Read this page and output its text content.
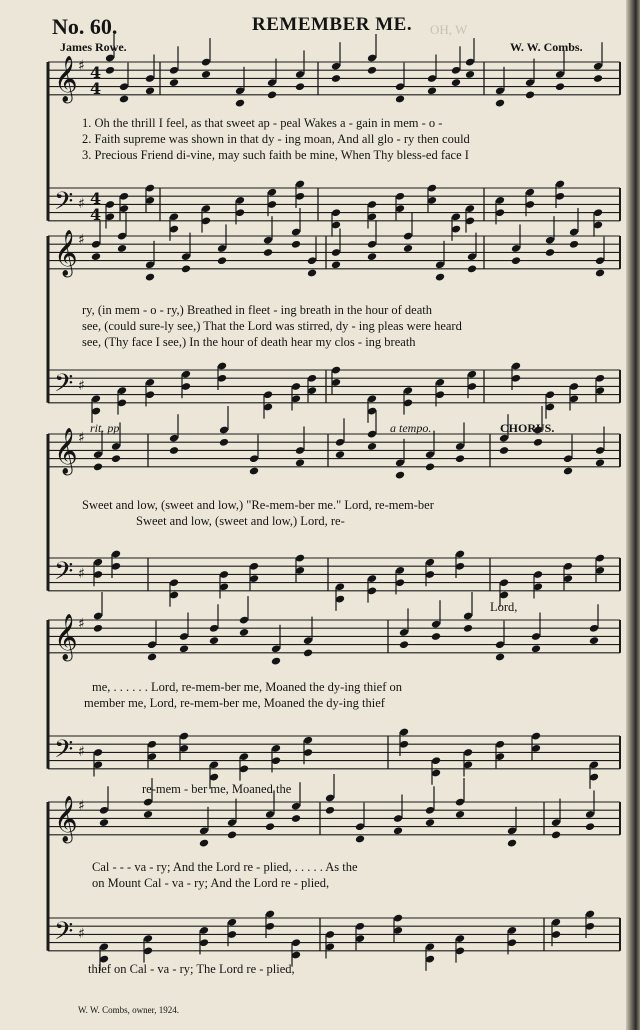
No. 60.	REMEMBER ME. OH, W
James Rowe.	W. W. Combs.
𝄞 ♯ 4
4
𝄢 ♯ 4
4
𝄞 ♯
𝄢 ♯
𝄞 ♯
𝄢 ♯
𝄞 ♯
𝄢 ♯
𝄞 ♯
𝄢 ♯
1. Oh the thrill I feel, as that sweet ap - peal Wakes a - gain in mem - o -
2. Faith supreme was shown in that dy - ing moan, And all glo - ry then could
3. Precious Friend di-vine, may such faith be mine, When Thy bless-ed face I
ry, (in mem - o - ry,) Breathed in fleet - ing breath in the hour of death
see, (could sure-ly see,) That the Lord was stirred, dy - ing pleas were heard
see, (Thy face I see,) In the hour of death hear my clos - ing breath
rit. pp	a tempo.	CHORUS.
Sweet and low, (sweet and low,) "Re-mem-ber me." Lord, re-mem-ber
Sweet and low, (sweet and low,) Lord, re-
Lord,
me, . . . . . . Lord, re-mem-ber me, Moaned the dy-ing thief on
member me, Lord, re-mem-ber me, Moaned the dy-ing thief
re-mem - ber me, Moaned the
Cal - - - va - ry; And the Lord re - plied, . . . . . As the
on Mount Cal - va - ry; And the Lord re - plied,
thief on Cal - va - ry; The Lord re - plied,
W. W. Combs, owner, 1924.
